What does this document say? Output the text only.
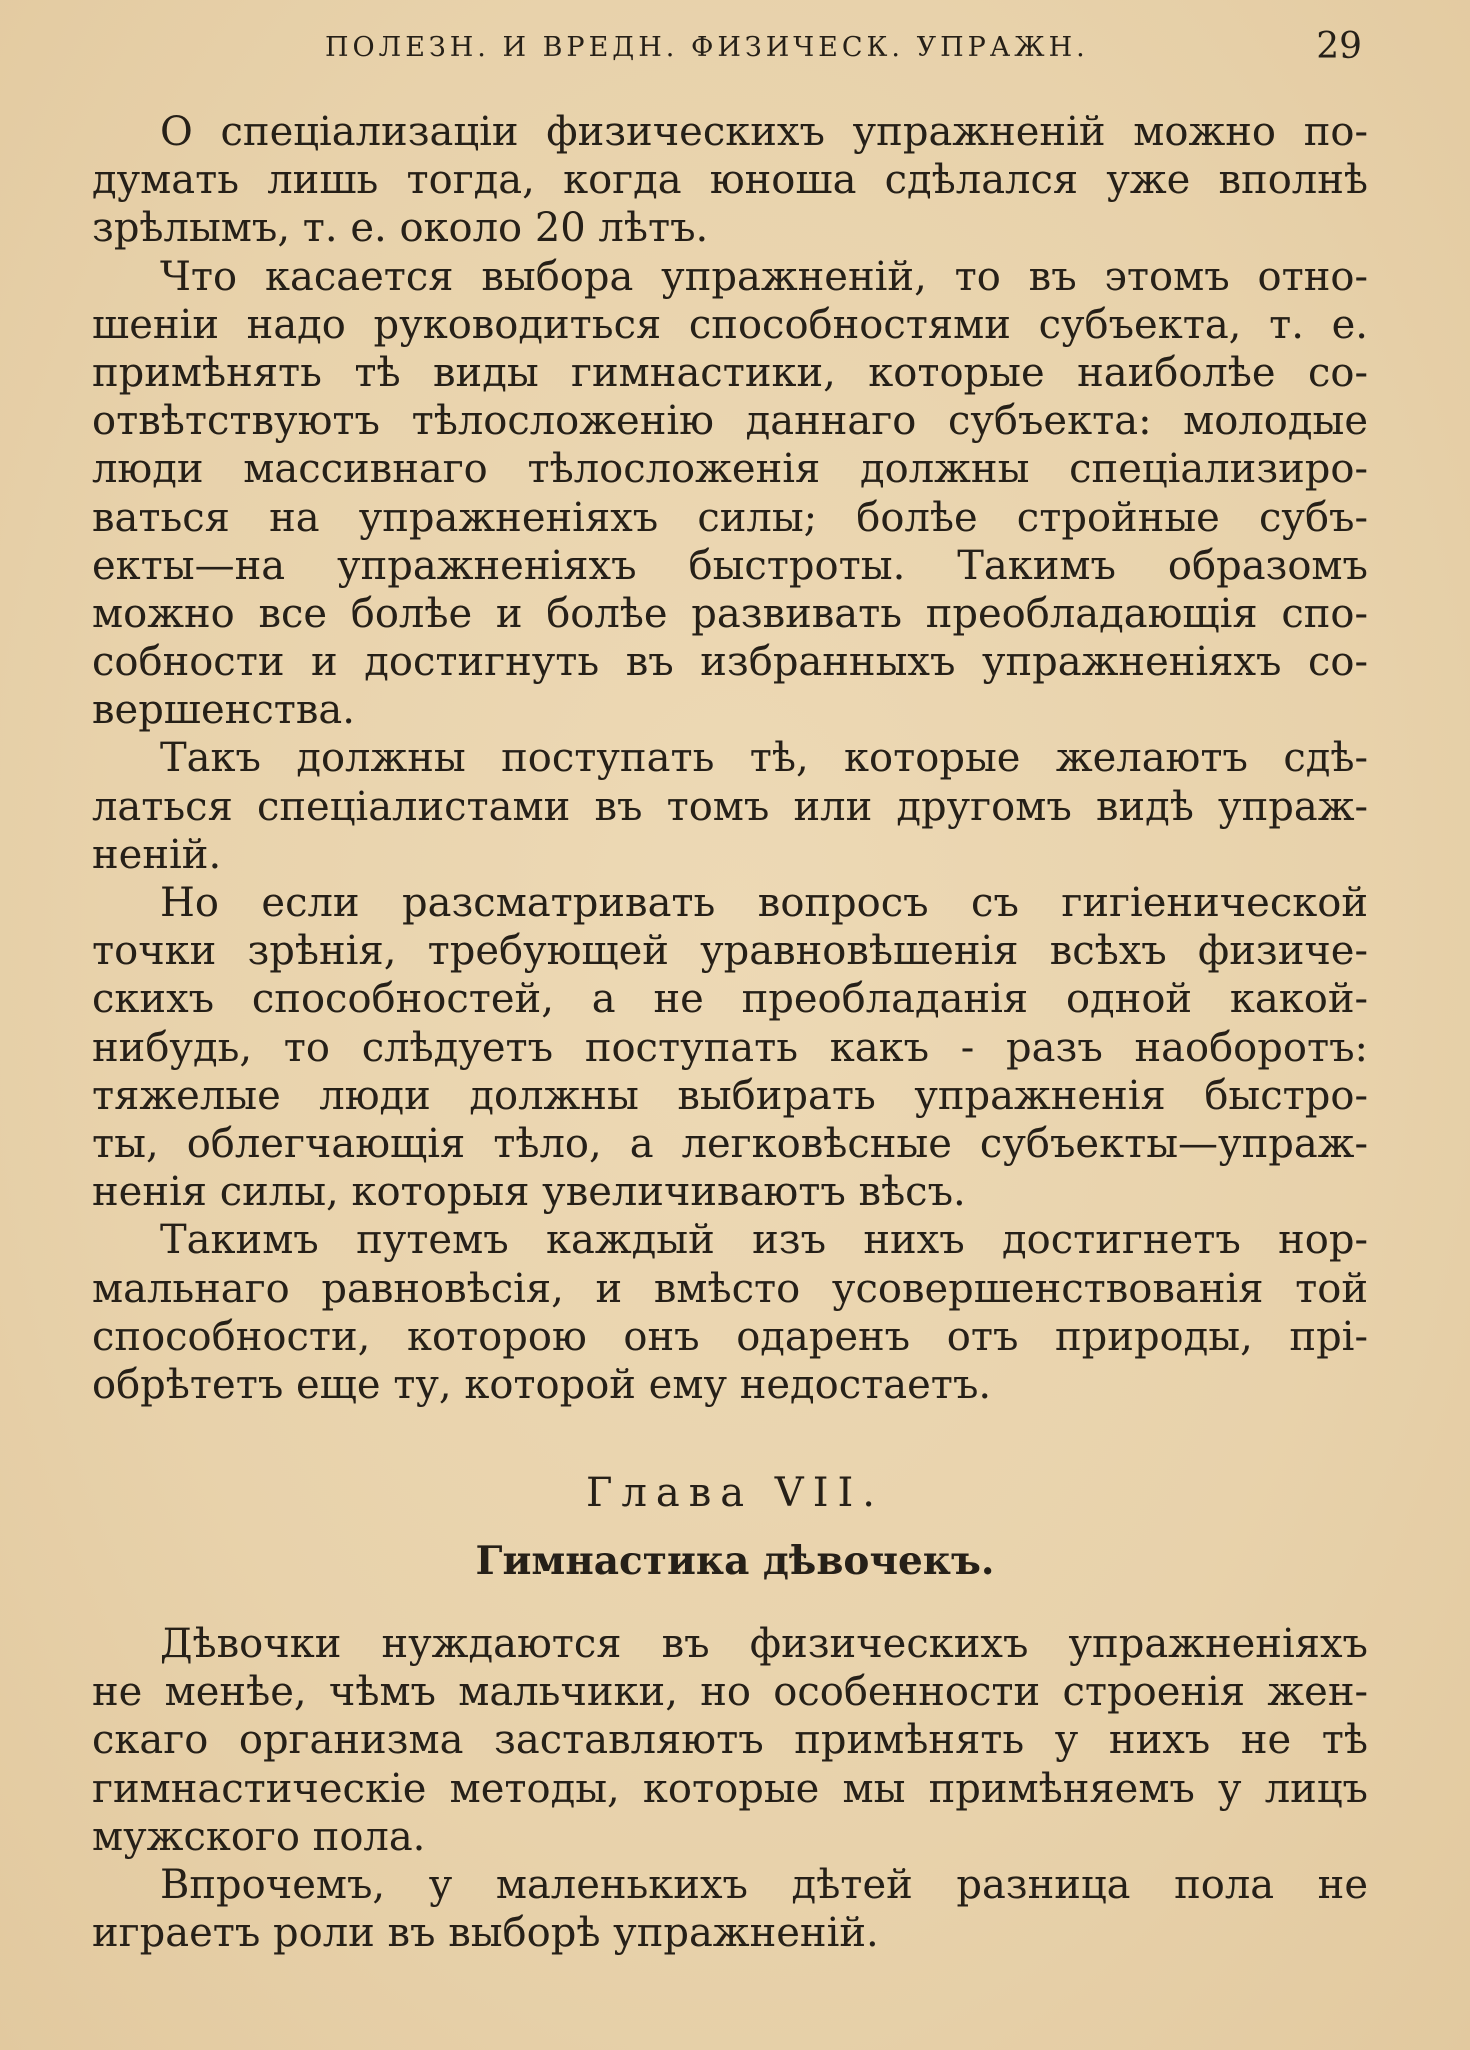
ПОЛЕЗН. И ВРЕДН. ФИЗИЧЕСК. УПРАЖН.	29
О спеціализаціи физическихъ упражненій можно по-
думать лишь тогда, когда юноша сдѣлался уже вполнѣ
зрѣлымъ, т. е. около 20 лѣтъ.
Что касается выбора упражненій, то въ этомъ отно-
шеніи надо руководиться способностями субъекта, т. е.
примѣнять тѣ виды гимнастики, которые наиболѣе со-
отвѣтствуютъ тѣлосложенію даннаго субъекта: молодые
люди массивнаго тѣлосложенія должны спеціализиро-
ваться на упражненіяхъ силы; болѣе стройные субъ-
екты—на упражненіяхъ быстроты. Такимъ образомъ
можно все болѣе и болѣе развивать преобладающія спо-
собности и достигнуть въ избранныхъ упражненіяхъ со-
вершенства.
Такъ должны поступать тѣ, которые желаютъ сдѣ-
латься спеціалистами въ томъ или другомъ видѣ упраж-
неній.
Но если разсматривать вопросъ съ гигіенической
точки зрѣнія, требующей уравновѣшенія всѣхъ физиче-
скихъ способностей, а не преобладанія одной какой-
нибудь, то слѣдуетъ поступать какъ - разъ наоборотъ:
тяжелые люди должны выбирать упражненія быстро-
ты, облегчающія тѣло, а легковѣсные субъекты—упраж-
ненія силы, которыя увеличиваютъ вѣсъ.
Такимъ путемъ каждый изъ нихъ достигнетъ нор-
мальнаго равновѣсія, и вмѣсто усовершенствованія той
способности, которою онъ одаренъ отъ природы, прі-
обрѣтетъ еще ту, которой ему недостаетъ.
Глава VII.
Гимнастика дѣвочекъ.
Дѣвочки нуждаются въ физическихъ упражненіяхъ
не менѣе, чѣмъ мальчики, но особенности строенія жен-
скаго организма заставляютъ примѣнять у нихъ не тѣ
гимнастическіе методы, которые мы примѣняемъ у лицъ
мужского пола.
Впрочемъ, у маленькихъ дѣтей разница пола не
играетъ роли въ выборѣ упражненій.
